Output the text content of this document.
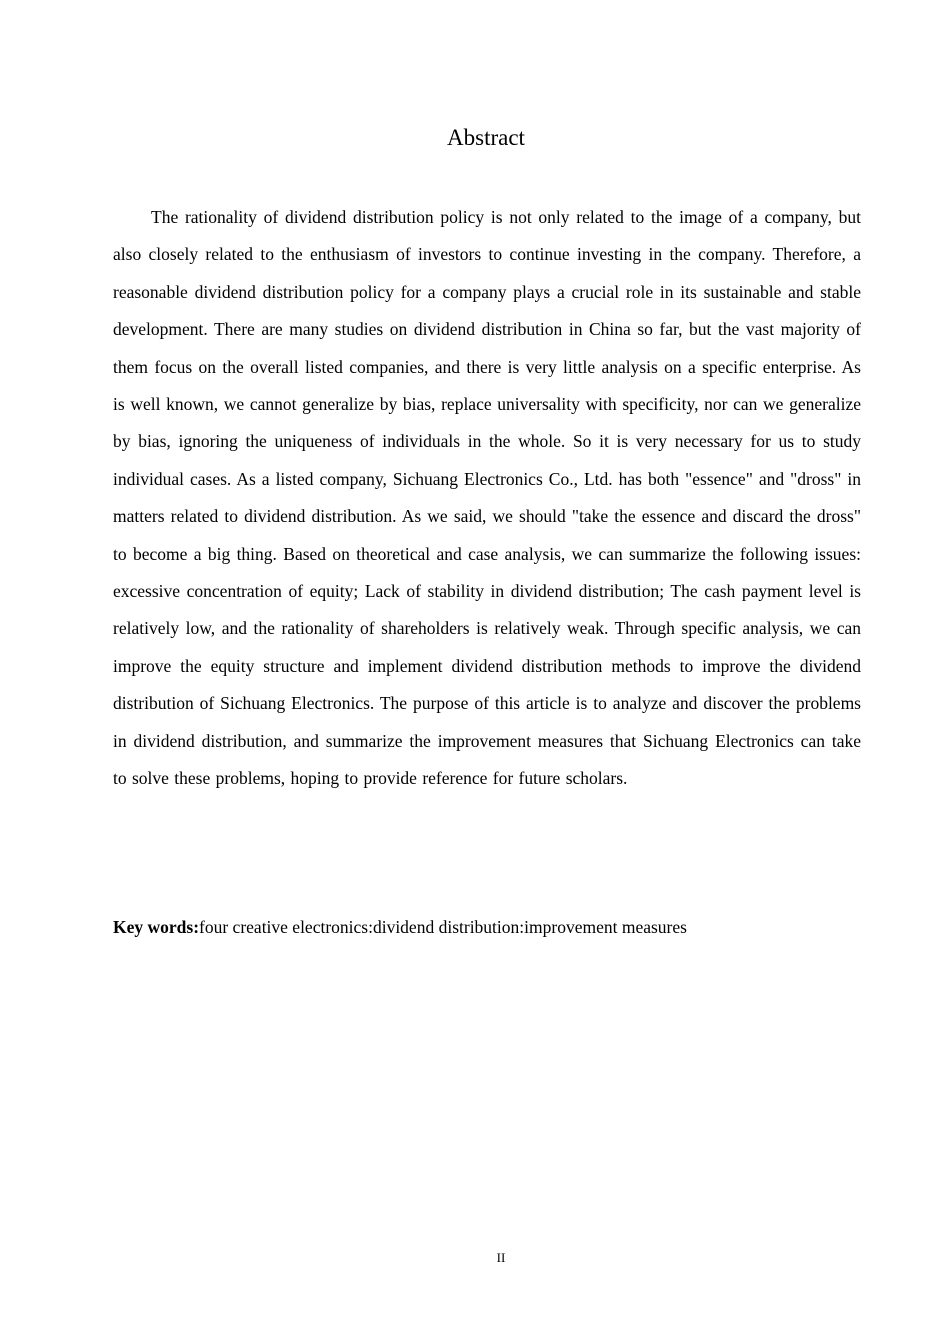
Abstract

The rationality of dividend distribution policy is not only related to the image of a company, but also closely related to the enthusiasm of investors to continue investing in the company. Therefore, a reasonable dividend distribution policy for a company plays a crucial role in its sustainable and stable development. There are many studies on dividend distribution in China so far, but the vast majority of them focus on the overall listed companies, and there is very little analysis on a specific enterprise. As is well known, we cannot generalize by bias, replace universality with specificity, nor can we generalize by bias, ignoring the uniqueness of individuals in the whole. So it is very necessary for us to study individual cases. As a listed company, Sichuang Electronics Co., Ltd. has both "essence" and "dross" in matters related to dividend distribution. As we said, we should "take the essence and discard the dross" to become a big thing. Based on theoretical and case analysis, we can summarize the following issues: excessive concentration of equity; Lack of stability in dividend distribution; The cash payment level is relatively low, and the rationality of shareholders is relatively weak. Through specific analysis, we can improve the equity structure and implement dividend distribution methods to improve the dividend distribution of Sichuang Electronics. The purpose of this article is to analyze and discover the problems in dividend distribution, and summarize the improvement measures that Sichuang Electronics can take to solve these problems, hoping to provide reference for future scholars.

Key words:four creative electronics:dividend distribution:improvement measures

II
